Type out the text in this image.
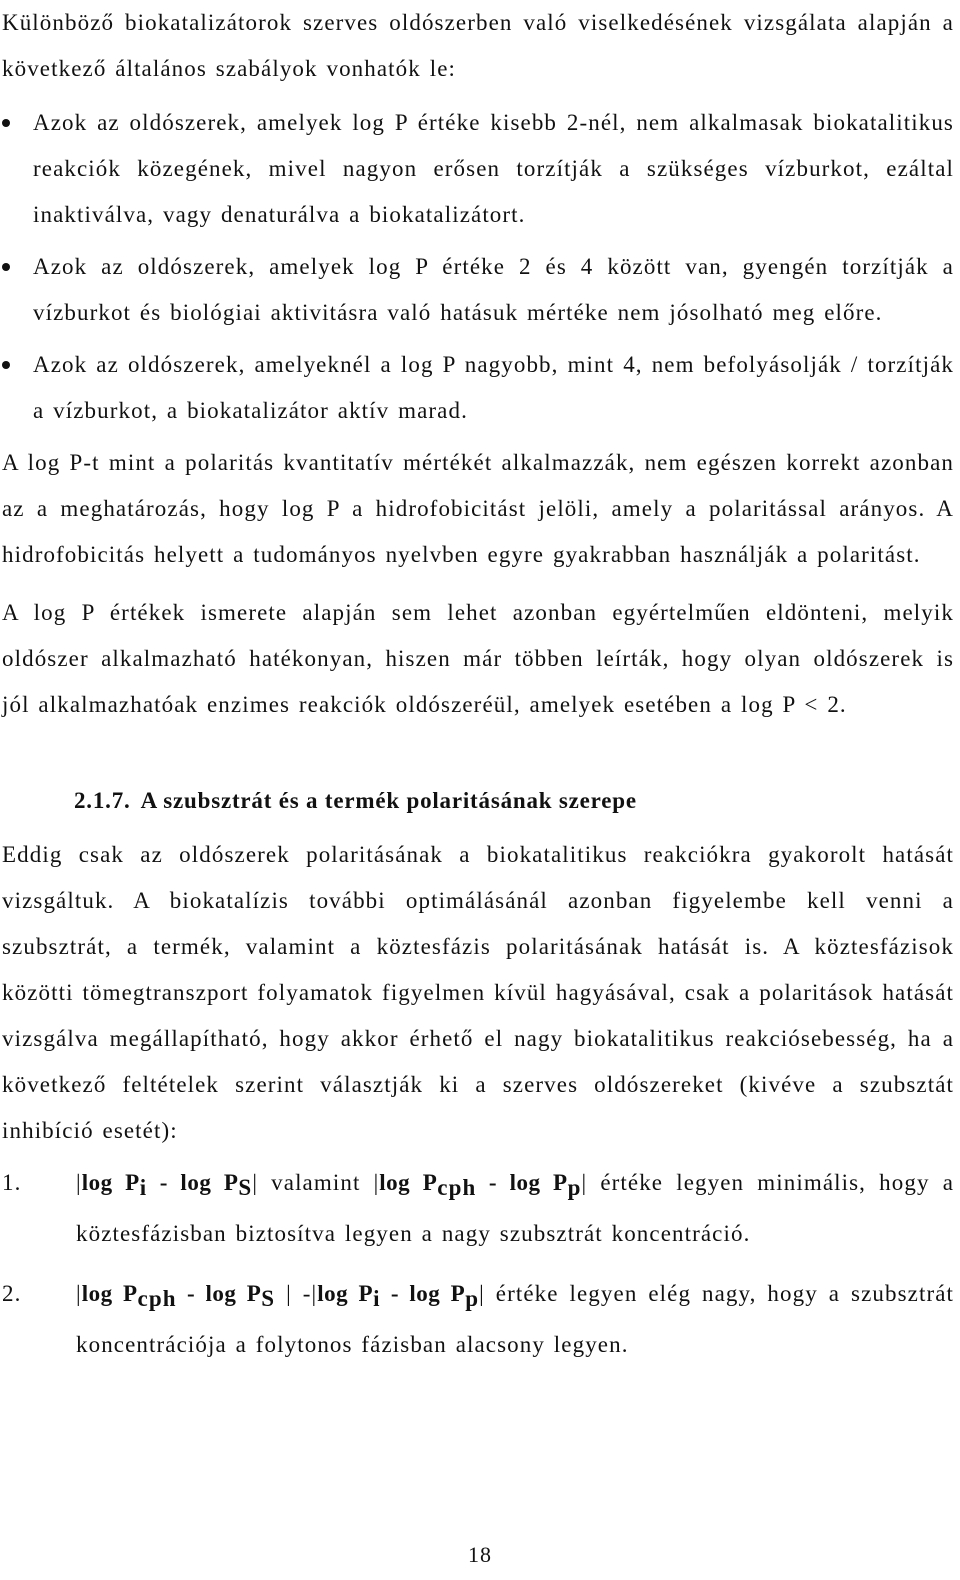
Különböző biokatalizátorok szerves oldószerben való viselkedésének vizsgálata alapján a következő általános szabályok vonhatók le:

Azok az oldószerek, amelyek log P értéke kisebb 2-nél, nem alkalmasak biokatalitikus reakciók közegének, mivel nagyon erősen torzítják a szükséges vízburkot, ezáltal inaktiválva, vagy denaturálva a biokatalizátort.
Azok az oldószerek, amelyek log P értéke 2 és 4 között van, gyengén torzítják a vízburkot és biológiai aktivitásra való hatásuk mértéke nem jósolható meg előre.
Azok az oldószerek, amelyeknél a log P nagyobb, mint 4, nem befolyásolják / torzítják a vízburkot, a biokatalizátor aktív marad.

A log P-t mint a polaritás kvantitatív mértékét alkalmazzák, nem egészen korrekt azonban az a meghatározás, hogy log P a hidrofobicitást jelöli, amely a polaritással arányos. A hidrofobicitás helyett a tudományos nyelvben egyre gyakrabban használják a polaritást.

A log P értékek ismerete alapján sem lehet azonban egyértelműen eldönteni, melyik oldószer alkalmazható hatékonyan, hiszen már többen leírták, hogy olyan oldószerek is jól alkalmazhatóak enzimes reakciók oldószeréül, amelyek esetében a log P < 2.

2.1.7. A szubsztrát és a termék polaritásának szerepe

Eddig csak az oldószerek polaritásának a biokatalitikus reakciókra gyakorolt hatását vizsgáltuk. A biokatalízis további optimálásánál azonban figyelembe kell venni a szubsztrát, a termék, valamint a köztesfázis polaritásának hatását is. A köztesfázisok közötti tömegtranszport folyamatok figyelmen kívül hagyásával, csak a polaritások hatását vizsgálva megállapítható, hogy akkor érhető el nagy biokatalitikus reakciósebesség, ha a következő feltételek szerint választják ki a szerves oldószereket (kivéve a szubsztát inhibíció esetét):

1. |log Pi - log PS| valamint |log Pcph - log Pp| értéke legyen minimális, hogy a köztesfázisban biztosítva legyen a nagy szubsztrát koncentráció.
2. |log Pcph - log PS | -|log Pi - log Pp| értéke legyen elég nagy, hogy a szubsztrát koncentrációja a folytonos fázisban alacsony legyen.
18
